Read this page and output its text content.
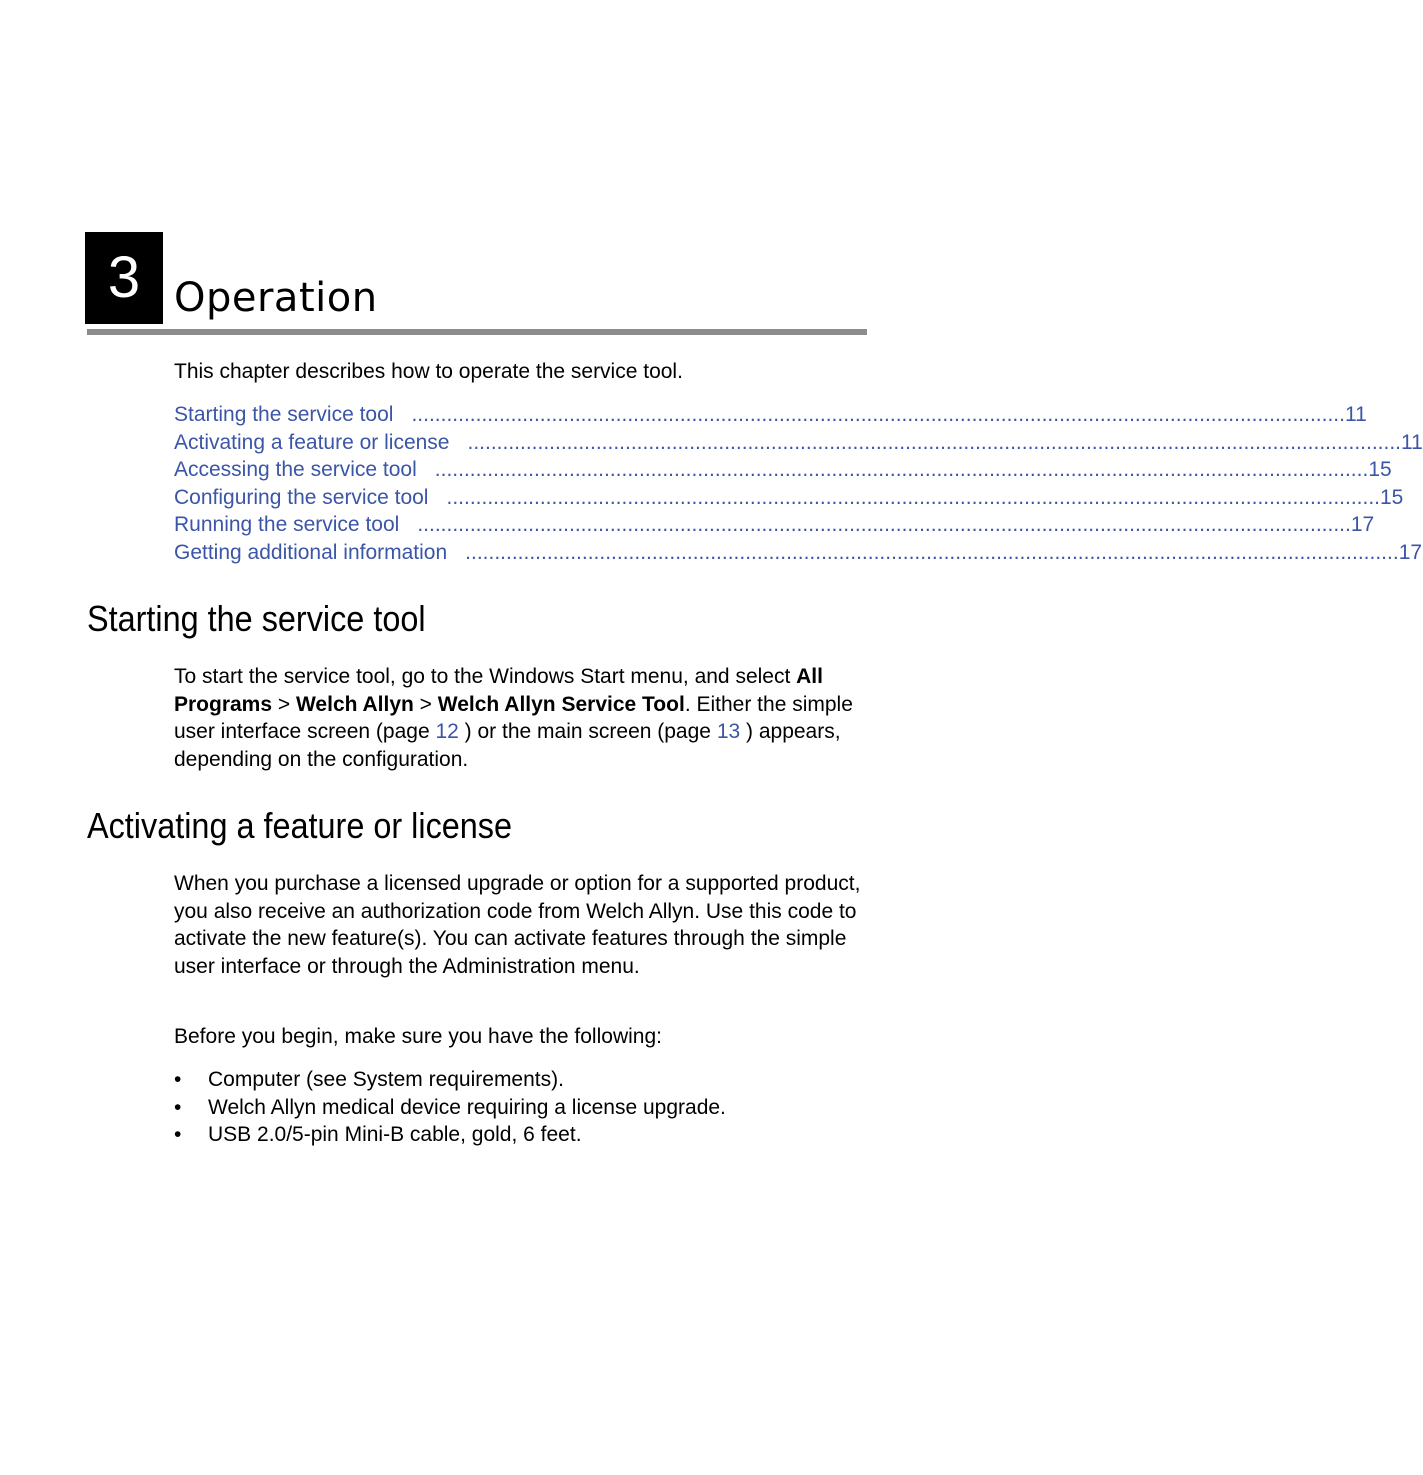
3 Operation

This chapter describes how to operate the service tool.

Starting the service tool ................................................................................................................................................................ 11
Activating a feature or license ................................................................................................................................................................ 11
Accessing the service tool ................................................................................................................................................................ 15
Configuring the service tool ................................................................................................................................................................ 15
Running the service tool ................................................................................................................................................................ 17
Getting additional information ................................................................................................................................................................ 17
Starting the service tool

To start the service tool, go to the Windows Start menu, and select All Programs > Welch Allyn > Welch Allyn Service Tool. Either the simple user interface screen (page 12 ) or the main screen (page 13 ) appears, depending on the configuration.

Activating a feature or license

When you purchase a licensed upgrade or option for a supported product, you also receive an authorization code from Welch Allyn. Use this code to activate the new feature(s). You can activate features through the simple user interface or through the Administration menu.

Before you begin, make sure you have the following:

•	Computer (see System requirements).
•	Welch Allyn medical device requiring a license upgrade.
•	USB 2.0/5-pin Mini-B cable, gold, 6 feet.
